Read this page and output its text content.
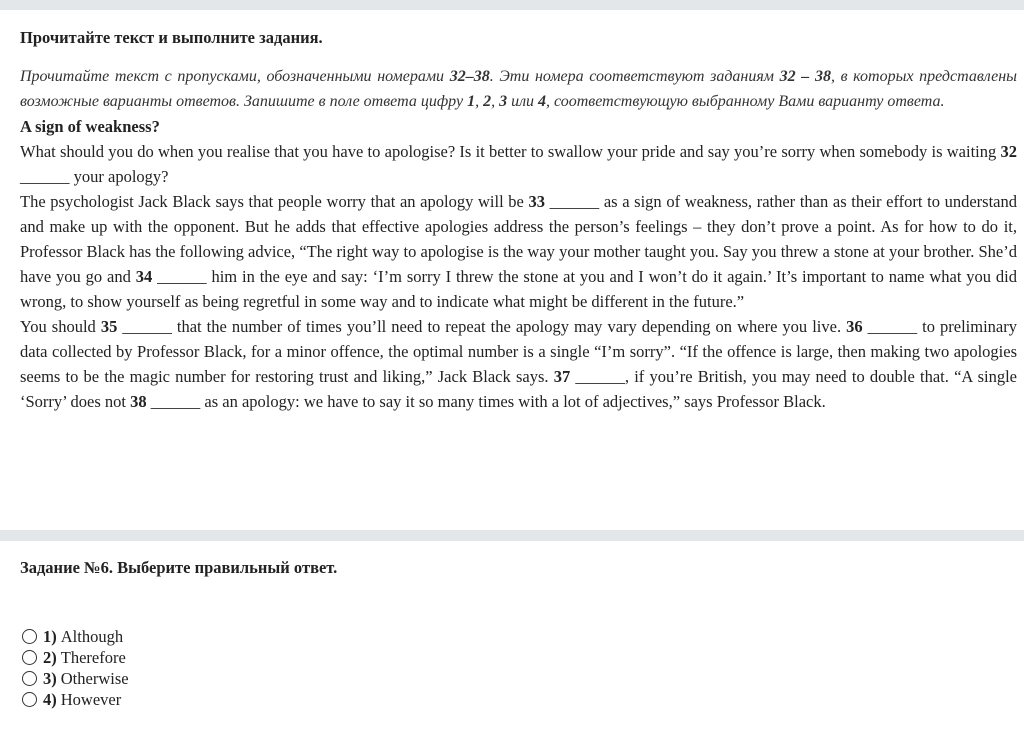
Прочитайте текст и выполните задания.

Прочитайте текст с пропусками, обозначенными номерами 32–38. Эти номера соответствуют заданиям 32 – 38, в которых представлены возможные варианты ответов. Запишите в поле ответа цифру 1, 2, 3 или 4, соответствующую выбранному Вами варианту ответа.

A sign of weakness?

What should you do when you realise that you have to apologise? Is it better to swallow your pride and say you’re sorry when somebody is waiting 32 ______ your apology?

The psychologist Jack Black says that people worry that an apology will be 33 ______ as a sign of weakness, rather than as their effort to understand and make up with the opponent. But he adds that effective apologies address the person’s feelings – they don’t prove a point. As for how to do it, Professor Black has the following advice, “The right way to apologise is the way your mother taught you. Say you threw a stone at your brother. She’d have you go and 34 ______ him in the eye and say: ‘I’m sorry I threw the stone at you and I won’t do it again.’ It’s important to name what you did wrong, to show yourself as being regretful in some way and to indicate what might be different in the future.”

You should 35 ______ that the number of times you’ll need to repeat the apology may vary depending on where you live. 36 ______ to preliminary data collected by Professor Black, for a minor offence, the optimal number is a single “I’m sorry”. “If the offence is large, then making two apologies seems to be the magic number for restoring trust and liking,” Jack Black says. 37 ______, if you’re British, you may need to double that. “A single ‘Sorry’ does not 38 ______ as an apology: we have to say it so many times with a lot of adjectives,” says Professor Black.

Задание №6. Выберите правильный ответ.
1) Although
2) Therefore
3) Otherwise
4) However
